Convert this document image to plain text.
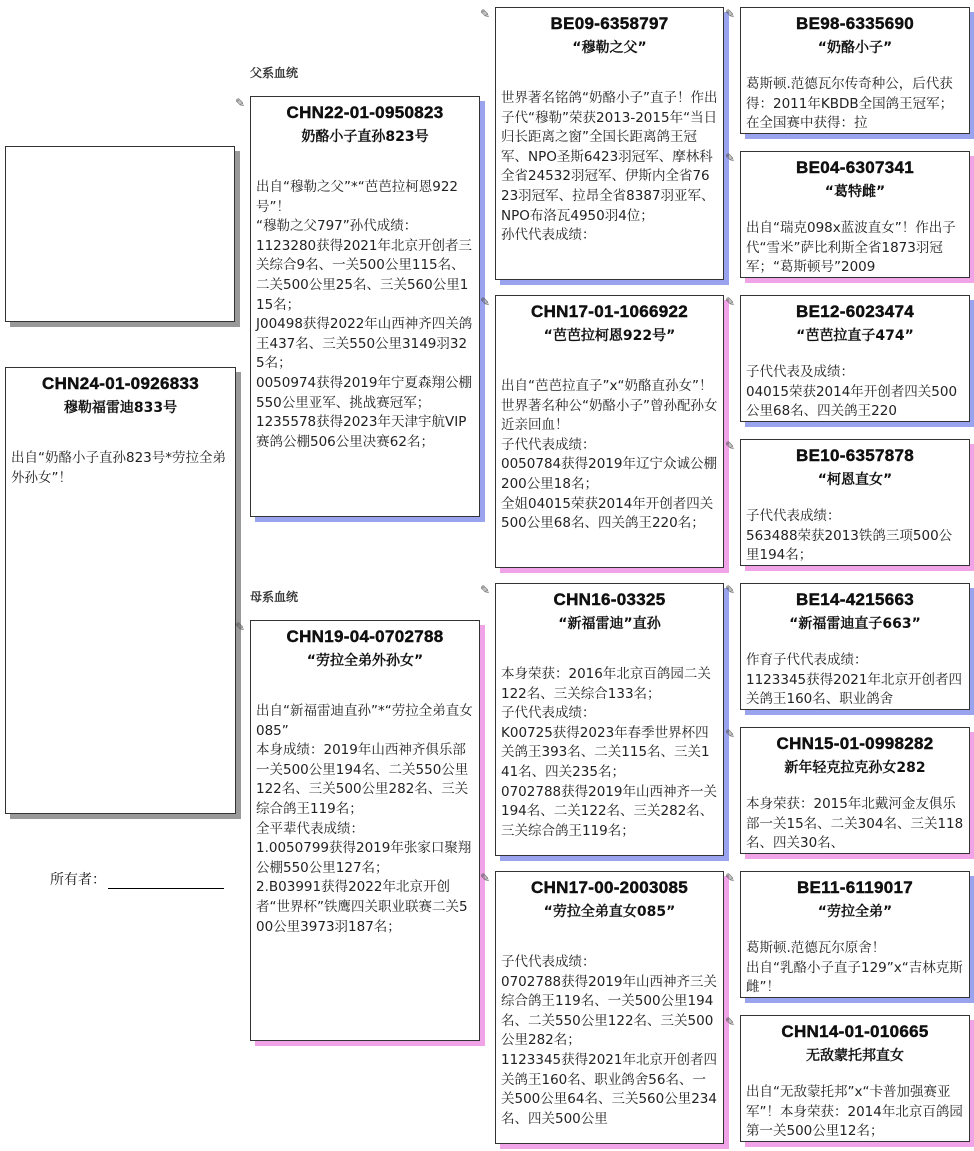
父系血统
母系血统
所有者：
CHN24-01-0926833
穆勒福雷迪833号
出自“奶酪小子直孙823号*劳拉全弟外孙女”！
CHN22-01-0950823
奶酪小子直孙823号
出自“穆勒之父”*“芭芭拉柯恩922号”！
“穆勒之父797”孙代成绩：
1123280获得2021年北京开创者三关综合9名、一关500公里115名、二关500公里25名、三关560公里115名；
J00498获得2022年山西神齐四关鸽王437名、三关550公里3149羽325名；
0050974获得2019年宁夏森翔公棚550公里亚军、挑战赛冠军；
1235578获得2023年天津宇航VIP赛鸽公棚506公里决赛62名；
✎
CHN19-04-0702788
“劳拉全弟外孙女”
出自“新福雷迪直孙”*“劳拉全弟直女085”
本身成绩：2019年山西神齐俱乐部一关500公里194名、二关550公里122名、三关500公里282名、三关综合鸽王119名；
全平辈代表成绩：
1.0050799获得2019年张家口聚翔公棚550公里127名；
2.B03991获得2022年北京开创者“世界杯”铁鹰四关职业联赛二关500公里3973羽187名；
✎
BE09-6358797
“穆勒之父”
世界著名铭鸽“奶酪小子”直子！作出子代“穆勒”荣获2013-2015年“当日归长距离之窗”全国长距离鸽王冠军、NPO圣斯6423羽冠军、摩林科全省24532羽冠军、伊斯内全省7623羽冠军、拉昂全省8387羽亚军、NPO布洛瓦4950羽4位；
孙代代表成绩：
✎
CHN17-01-1066922
“芭芭拉柯恩922号”
出自“芭芭拉直子”x“奶酪直孙女”！世界著名种公“奶酪小子”曾孙配孙女近亲回血！
子代代表成绩：
0050784获得2019年辽宁众诚公棚200公里18名；
全姐04015荣获2014年开创者四关500公里68名、四关鸽王220名；
✎
CHN16-03325
“新福雷迪”直孙
本身荣获：2016年北京百鸽园二关122名、三关综合133名；
子代代表成绩：
K00725获得2023年春季世界杯四关鸽王393名、二关115名、三关141名、四关235名；
0702788获得2019年山西神齐一关194名、二关122名、三关282名、三关综合鸽王119名；
✎
CHN17-00-2003085
“劳拉全弟直女085”
子代代表成绩：
0702788获得2019年山西神齐三关综合鸽王119名、一关500公里194名、二关550公里122名、三关500公里282名；
1123345获得2021年北京开创者四关鸽王160名、职业鸽舍56名、一关500公里64名、三关560公里234名、四关500公里
✎
BE98-6335690
“奶酪小子”
葛斯顿.范德瓦尔传奇种公，后代获得：2011年KBDB全国鸽王冠军；在全国赛中获得：拉
✎
BE04-6307341
“葛特雌”
出自“瑞克098x蓝波直女”！作出子代“雪米”萨比利斯全省1873羽冠军；“葛斯顿号”2009
✎
BE12-6023474
“芭芭拉直子474”
子代代表及成绩：
04015荣获2014年开创者四关500公里68名、四关鸽王220
✎
BE10-6357878
“柯恩直女”
子代代表成绩：
563488荣获2013铁鸽三项500公里194名；
✎
BE14-4215663
“新福雷迪直子663”
作育子代代表成绩：
1123345获得2021年北京开创者四关鸽王160名、职业鸽舍
✎
CHN15-01-0998282
新年轻克拉克孙女282
本身荣获：2015年北戴河金友俱乐部一关15名、二关304名、三关118名、四关30名、
✎
BE11-6119017
“劳拉全弟”
葛斯顿.范德瓦尔原舍！
出自“乳酪小子直子129”x“吉林克斯雌”！
✎
CHN14-01-010665
无敌蒙托邦直女
出自“无敌蒙托邦”x“卡普加强赛亚军”！本身荣获：2014年北京百鸽园第一关500公里12名；
✎
